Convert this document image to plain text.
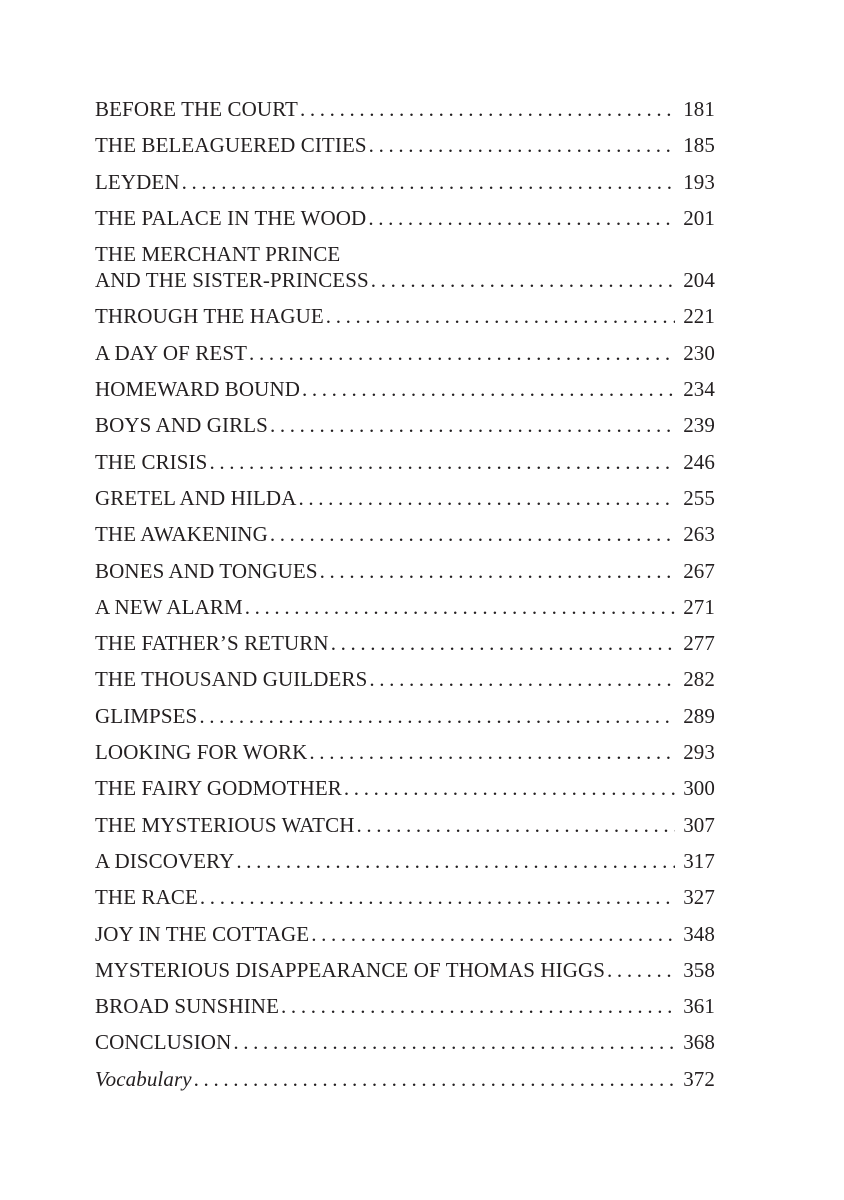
BEFORE THE COURT . . .	181
THE BELEAGUERED CITIES . . .	185
LEYDEN . . .	193
THE PALACE IN THE WOOD . . .	201
THE MERCHANT PRINCE
AND THE SISTER-PRINCESS . . .	204
THROUGH THE HAGUE . . .	221
A DAY OF REST . . .	230
HOMEWARD BOUND . . .	234
BOYS AND GIRLS . . .	239
THE CRISIS . . .	246
GRETEL AND HILDA . . .	255
THE AWAKENING . . .	263
BONES AND TONGUES . . .	267
A NEW ALARM . . .	271
THE FATHER’S RETURN . . .	277
THE THOUSAND GUILDERS . . .	282
GLIMPSES . . .	289
LOOKING FOR WORK . . .	293
THE FAIRY GODMOTHER . . .	300
THE MYSTERIOUS WATCH . . .	307
A DISCOVERY . . .	317
THE RACE . . .	327
JOY IN THE COTTAGE . . .	348
MYSTERIOUS DISAPPEARANCE OF THOMAS HIGGS . . .	358
BROAD SUNSHINE . . .	361
CONCLUSION . . .	368
Vocabulary . . .	372
